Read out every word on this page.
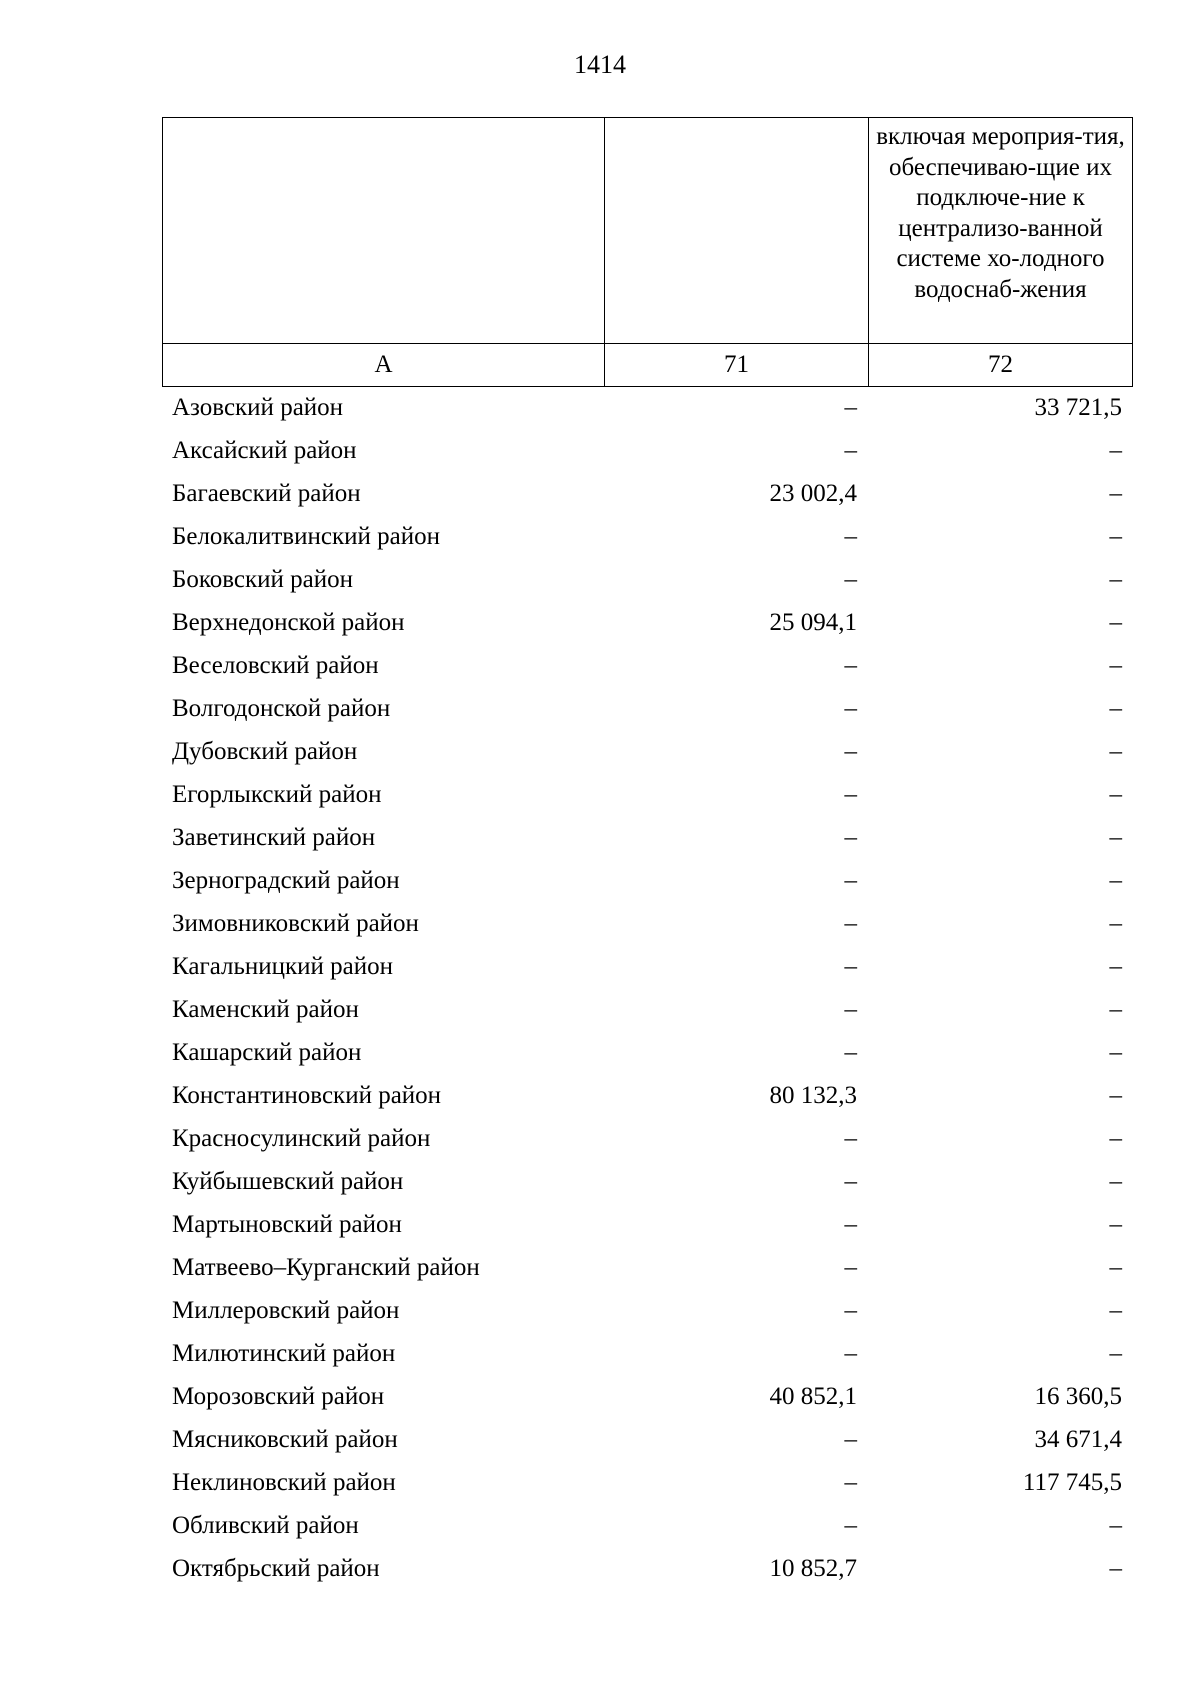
1414
		включая мероприя-тия, обеспечиваю-щие их подключе-ние к централизо-ванной системе хо-лодного водоснаб-жения
А	71	72
Азовский район	–	33 721,5
Аксайский район	–	–
Багаевский район	23 002,4	–
Белокалитвинский район	–	–
Боковский район	–	–
Верхнедонской район	25 094,1	–
Веселовский район	–	–
Волгодонской район	–	–
Дубовский район	–	–
Егорлыкский район	–	–
Заветинский район	–	–
Зерноградский район	–	–
Зимовниковский район	–	–
Кагальницкий район	–	–
Каменский район	–	–
Кашарский район	–	–
Константиновский район	80 132,3	–
Красносулинский район	–	–
Куйбышевский район	–	–
Мартыновский район	–	–
Матвеево–Курганский район	–	–
Миллеровский район	–	–
Милютинский район	–	–
Морозовский район	40 852,1	16 360,5
Мясниковский район	–	34 671,4
Неклиновский район	–	117 745,5
Обливский район	–	–
Октябрьский район	10 852,7	–
